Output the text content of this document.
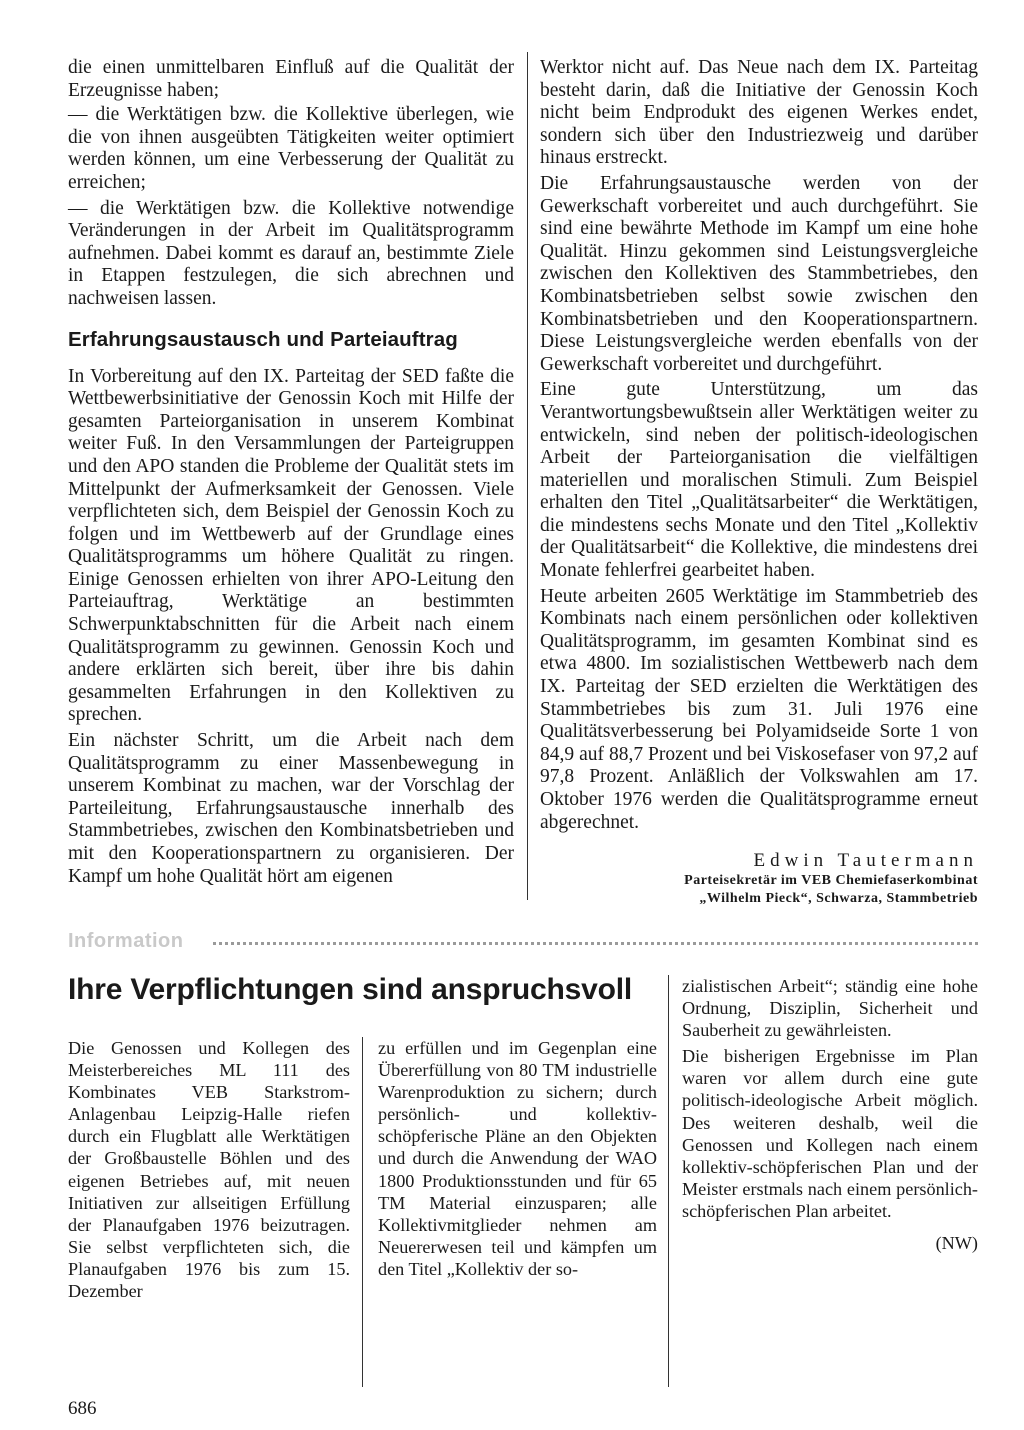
die einen unmittelbaren Einfluß auf die Qualität der Erzeugnisse haben;

— die Werktätigen bzw. die Kollektive überlegen, wie die von ihnen ausgeübten Tätigkeiten weiter optimiert werden können, um eine Verbesserung der Qualität zu erreichen;

— die Werktätigen bzw. die Kollektive notwendige Veränderungen in der Arbeit im Qualitätsprogramm aufnehmen. Dabei kommt es darauf an, bestimmte Ziele in Etappen festzulegen, die sich abrechnen und nachweisen lassen.

Erfahrungsaustausch und Parteiauftrag

In Vorbereitung auf den IX. Parteitag der SED faßte die Wettbewerbsinitiative der Genossin Koch mit Hilfe der gesamten Parteiorganisation in unserem Kombinat weiter Fuß. In den Versammlungen der Parteigruppen und den APO standen die Probleme der Qualität stets im Mittelpunkt der Aufmerksamkeit der Genossen. Viele verpflichteten sich, dem Beispiel der Genossin Koch zu folgen und im Wettbewerb auf der Grundlage eines Qualitätsprogramms um höhere Qualität zu ringen. Einige Genossen erhielten von ihrer APO-Leitung den Parteiauftrag, Werktätige an bestimmten Schwerpunktabschnitten für die Arbeit nach einem Qualitätsprogramm zu gewinnen. Genossin Koch und andere erklärten sich bereit, über ihre bis dahin gesammelten Erfahrungen in den Kollektiven zu sprechen.

Ein nächster Schritt, um die Arbeit nach dem Qualitätsprogramm zu einer Massenbewegung in unserem Kombinat zu machen, war der Vorschlag der Parteileitung, Erfahrungsaustausche innerhalb des Stammbetriebes, zwischen den Kombinatsbetrieben und mit den Kooperationspartnern zu organisieren. Der Kampf um hohe Qualität hört am eigenen

Werktor nicht auf. Das Neue nach dem IX. Parteitag besteht darin, daß die Initiative der Genossin Koch nicht beim Endprodukt des eigenen Werkes endet, sondern sich über den Industriezweig und darüber hinaus erstreckt.

Die Erfahrungsaustausche werden von der Gewerkschaft vorbereitet und auch durchgeführt. Sie sind eine bewährte Methode im Kampf um eine hohe Qualität. Hinzu gekommen sind Leistungsvergleiche zwischen den Kollektiven des Stammbetriebes, den Kombinatsbetrieben selbst sowie zwischen den Kombinatsbetrieben und den Kooperationspartnern. Diese Leistungsvergleiche werden ebenfalls von der Gewerkschaft vorbereitet und durchgeführt.

Eine gute Unterstützung, um das Verantwortungsbewußtsein aller Werktätigen weiter zu entwickeln, sind neben der politisch-ideologischen Arbeit der Parteiorganisation die vielfältigen materiellen und moralischen Stimuli. Zum Beispiel erhalten den Titel „Qualitätsarbeiter“ die Werktätigen, die mindestens sechs Monate und den Titel „Kollektiv der Qualitätsarbeit“ die Kollektive, die mindestens drei Monate fehlerfrei gearbeitet haben.

Heute arbeiten 2605 Werktätige im Stammbetrieb des Kombinats nach einem persönlichen oder kollektiven Qualitätsprogramm, im gesamten Kombinat sind es etwa 4800. Im sozialistischen Wettbewerb nach dem IX. Parteitag der SED erzielten die Werktätigen des Stammbetriebes bis zum 31. Juli 1976 eine Qualitätsverbesserung bei Polyamidseide Sorte 1 von 84,9 auf 88,7 Prozent und bei Viskosefaser von 97,2 auf 97,8 Prozent. Anläßlich der Volkswahlen am 17. Oktober 1976 werden die Qualitätsprogramme erneut abgerechnet.

Edwin Tautermann
Parteisekretär im VEB Chemiefaserkombinat
„Wilhelm Pieck“, Schwarza, Stammbetrieb
Information
Ihre Verpflichtungen sind anspruchsvoll

Die Genossen und Kollegen des Meisterbereiches ML 111 des Kombinates VEB Starkstrom-Anlagenbau Leipzig-Halle riefen durch ein Flugblatt alle Werktätigen der Großbaustelle Böhlen und des eigenen Betriebes auf, mit neuen Initiativen zur allseitigen Erfüllung der Planaufgaben 1976 beizutragen. Sie selbst verpflichteten sich, die Planaufgaben 1976 bis zum 15. Dezember

zu erfüllen und im Gegenplan eine Übererfüllung von 80 TM industrielle Warenproduktion zu sichern; durch persönlich- und kollektiv-schöpferische Pläne an den Objekten und durch die Anwendung der WAO 1800 Produktionsstunden und für 65 TM Material einzusparen; alle Kollektivmitglieder nehmen am Neuererwesen teil und kämpfen um den Titel „Kollektiv der so-

zialistischen Arbeit“; ständig eine hohe Ordnung, Disziplin, Sicherheit und Sauberheit zu gewährleisten.

Die bisherigen Ergebnisse im Plan waren vor allem durch eine gute politisch-ideologische Arbeit möglich. Des weiteren deshalb, weil die Genossen und Kollegen nach einem kollektiv-schöpferischen Plan und der Meister erstmals nach einem persönlich-schöpferischen Plan arbeitet.

(NW)

686
